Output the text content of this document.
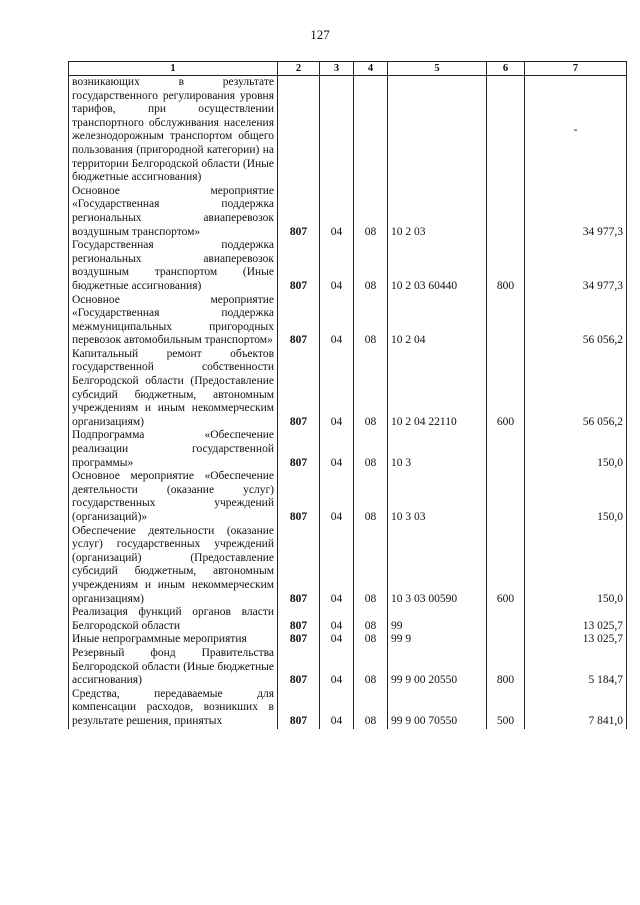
127
1	2	3	4	5	6	7
возникающих в результате государственного регулирования уровня тарифов, при осуществлении транспортного обслуживания населения железнодорожным транспортом общего пользования (пригородной категории) на территории Белгородской области (Иные бюджетные ассигнования)						-

Основное мероприятие «Государственная поддержка региональных авиаперевозок воздушным транспортом»	807	04	08	10 2 03		34 977,3
Государственная поддержка региональных авиаперевозок воздушным транспортом (Иные бюджетные ассигнования)	807	04	08	10 2 03 60440	800	34 977,3
Основное мероприятие «Государственная поддержка межмуниципальных пригородных перевозок автомобильным транспортом»	807	04	08	10 2 04		56 056,2
Капитальный ремонт объектов государственной собственности Белгородской области (Предоставление субсидий бюджетным, автономным учреждениям и иным некоммерческим организациям)	807	04	08	10 2 04 22110	600	56 056,2
Подпрограмма «Обеспечение реализации государственной программы»	807	04	08	10 3		150,0
Основное мероприятие «Обеспечение деятельности (оказание услуг) государственных учреждений (организаций)»	807	04	08	10 3 03		150,0
Обеспечение деятельности (оказание услуг) государственных учреждений (организаций) (Предоставление субсидий бюджетным, автономным учреждениям и иным некоммерческим организациям)	807	04	08	10 3 03 00590	600	150,0
Реализация функций органов власти Белгородской области	807	04	08	99		13 025,7
Иные непрограммные мероприятия	807	04	08	99 9		13 025,7
Резервный фонд Правительства Белгородской области (Иные бюджетные ассигнования)	807	04	08	99 9 00 20550	800	5 184,7
Средства, передаваемые для компенсации расходов, возникших в результате решения, принятых	807	04	08	99 9 00 70550	500	7 841,0
